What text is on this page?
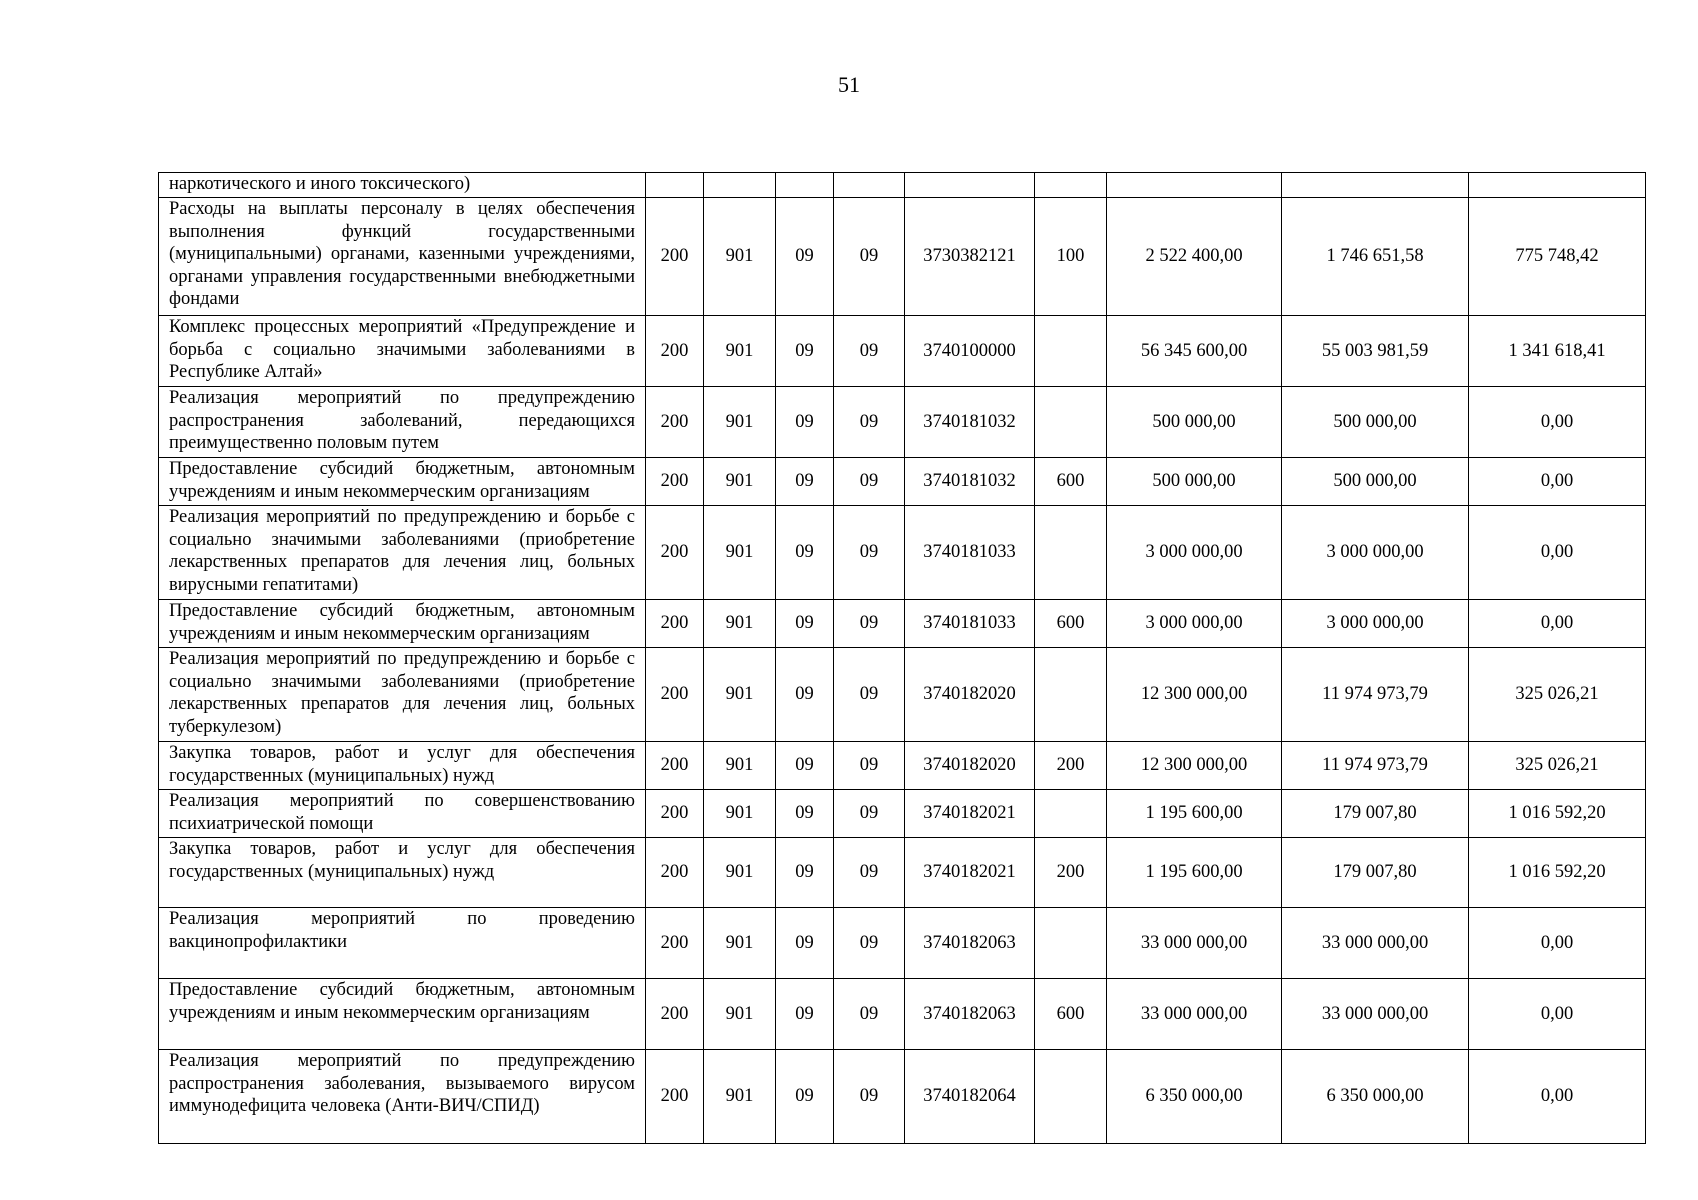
51
наркотического и иного токсического)									
Расходы на выплаты персоналу в целях обеспечения выполнения функций государственными (муниципальными) органами, казенными учреждениями, органами управления государственными внебюджетными фондами	200	901	09	09	3730382121	100	2 522 400,00	1 746 651,58	775 748,42
Комплекс процессных мероприятий «Предупреждение и борьба с социально значимыми заболеваниями в Республике Алтай»	200	901	09	09	3740100000		56 345 600,00	55 003 981,59	1 341 618,41
Реализация мероприятий по предупреждению распространения заболеваний, передающихся преимущественно половым путем	200	901	09	09	3740181032		500 000,00	500 000,00	0,00
Предоставление субсидий бюджетным, автономным учреждениям и иным некоммерческим организациям	200	901	09	09	3740181032	600	500 000,00	500 000,00	0,00
Реализация мероприятий по предупреждению и борьбе с социально значимыми заболеваниями (приобретение лекарственных препаратов для лечения лиц, больных вирусными гепатитами)	200	901	09	09	3740181033		3 000 000,00	3 000 000,00	0,00
Предоставление субсидий бюджетным, автономным учреждениям и иным некоммерческим организациям	200	901	09	09	3740181033	600	3 000 000,00	3 000 000,00	0,00
Реализация мероприятий по предупреждению и борьбе с социально значимыми заболеваниями (приобретение лекарственных препаратов для лечения лиц, больных туберкулезом)	200	901	09	09	3740182020		12 300 000,00	11 974 973,79	325 026,21
Закупка товаров, работ и услуг для обеспечения государственных (муниципальных) нужд	200	901	09	09	3740182020	200	12 300 000,00	11 974 973,79	325 026,21
Реализация мероприятий по совершенствованию психиатрической помощи	200	901	09	09	3740182021		1 195 600,00	179 007,80	1 016 592,20
Закупка товаров, работ и услуг для обеспечения государственных (муниципальных) нужд	200	901	09	09	3740182021	200	1 195 600,00	179 007,80	1 016 592,20
Реализация мероприятий по проведению вакцинопрофилактики	200	901	09	09	3740182063		33 000 000,00	33 000 000,00	0,00
Предоставление субсидий бюджетным, автономным учреждениям и иным некоммерческим организациям	200	901	09	09	3740182063	600	33 000 000,00	33 000 000,00	0,00
Реализация мероприятий по предупреждению распространения заболевания, вызываемого вирусом иммунодефицита человека (Анти-ВИЧ/СПИД)	200	901	09	09	3740182064		6 350 000,00	6 350 000,00	0,00
